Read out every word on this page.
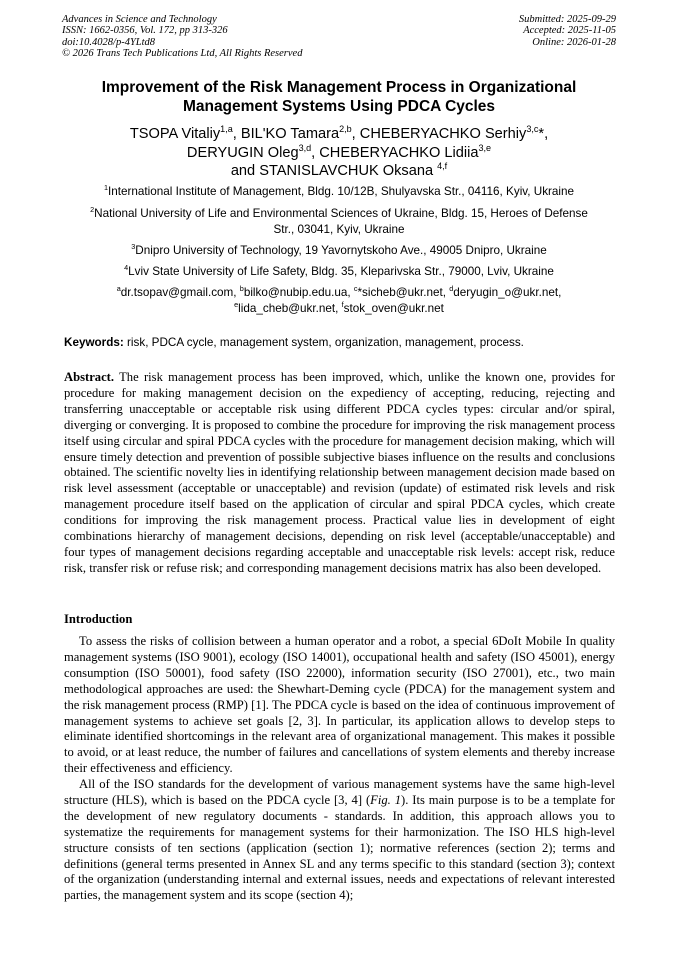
Advances in Science and Technology
ISSN: 1662-0356, Vol. 172, pp 313-326
doi:10.4028/p-4YLtd8
© 2026 Trans Tech Publications Ltd, All Rights Reserved
Submitted: 2025-09-29
Accepted: 2025-11-05
Online: 2026-01-28
Improvement of the Risk Management Process in Organizational
Management Systems Using PDCA Cycles
TSOPA Vitaliy$^{1,a}$, BIL'KO Tamara$^{2,b}$, CHEBERYACHKO Serhiy$^{3,c}$*,
DERYUGIN Oleg$^{3,d}$, CHEBERYACHKO Lidiia$^{3,e}$
and STANISLAVCHUK Oksana $^{4,f}$
$^1$International Institute of Management, Bldg. 10/12B, Shulyavska Str., 04116, Kyiv, Ukraine
$^2$National University of Life and Environmental Sciences of Ukraine, Bldg. 15, Heroes of Defense
Str., 03041, Kyiv, Ukraine
$^3$Dnipro University of Technology, 19 Yavornytskoho Ave., 49005 Dnipro, Ukraine
$^4$Lviv State University of Life Safety, Bldg. 35, Kleparivska Str., 79000, Lviv, Ukraine
$^a$dr.tsopav@gmail.com, $^b$bilko@nubip.edu.ua, $^c$*sicheb@ukr.net, $^d$deryugin_o@ukr.net,
$^e$lida_cheb@ukr.net, $^f$stok_oven@ukr.net
Keywords: risk, PDCA cycle, management system, organization, management, process.
Abstract. The risk management process has been improved, which, unlike the known one, provides for procedure for making management decision on the expediency of accepting, reducing, rejecting and transferring unacceptable or acceptable risk using different PDCA cycles types: circular and/or spiral, diverging or converging. It is proposed to combine the procedure for improving the risk management process itself using circular and spiral PDCA cycles with the procedure for management decision making, which will ensure timely detection and prevention of possible subjective biases influence on the results and conclusions obtained. The scientific novelty lies in identifying relationship between management decision made based on risk level assessment (acceptable or unacceptable) and revision (update) of estimated risk levels and risk management procedure itself based on the application of circular and spiral PDCA cycles, which create conditions for improving the risk management process. Practical value lies in development of eight combinations hierarchy of management decisions, depending on risk level (acceptable/unacceptable) and four types of management decisions regarding acceptable and unacceptable risk levels: accept risk, reduce risk, transfer risk or refuse risk; and corresponding management decisions matrix has also been developed.
Introduction
To assess the risks of collision between a human operator and a robot, a special 6DoIt Mobile In quality management systems (ISO 9001), ecology (ISO 14001), occupational health and safety (ISO 45001), energy consumption (ISO 50001), food safety (ISO 22000), information security (ISO 27001), etc., two main methodological approaches are used: the Shewhart-Deming cycle (PDCA) for the management system and the risk management process (RMP) [1]. The PDCA cycle is based on the idea of continuous improvement of management systems to achieve set goals [2, 3]. In particular, its application allows to develop steps to eliminate identified shortcomings in the relevant area of organizational management. This makes it possible to avoid, or at least reduce, the number of failures and cancellations of system elements and thereby increase their effectiveness and efficiency.
All of the ISO standards for the development of various management systems have the same high-level structure (HLS), which is based on the PDCA cycle [3, 4] (Fig. 1). Its main purpose is to be a template for the development of new regulatory documents - standards. In addition, this approach allows you to systematize the requirements for management systems for their harmonization. The ISO HLS high-level structure consists of ten sections (application (section 1); normative references (section 2); terms and definitions (general terms presented in Annex SL and any terms specific to this standard (section 3); context of the organization (understanding internal and external issues, needs and expectations of relevant interested parties, the management system and its scope (section 4);
